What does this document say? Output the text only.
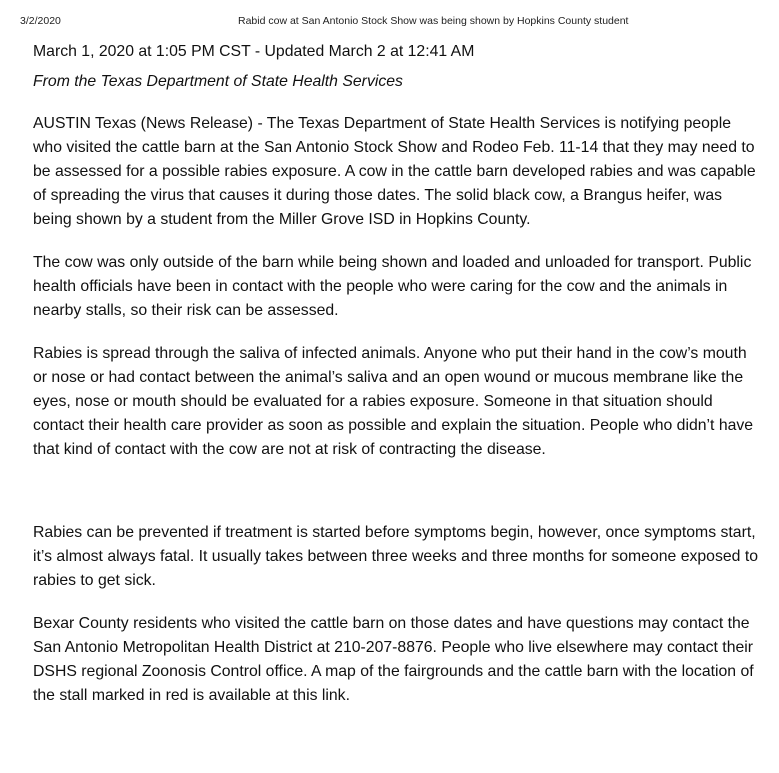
3/2/2020	Rabid cow at San Antonio Stock Show was being shown by Hopkins County student

March 1, 2020 at 1:05 PM CST - Updated March 2 at 12:41 AM

From the Texas Department of State Health Services

AUSTIN Texas (News Release) - The Texas Department of State Health Services is notifying people who visited the cattle barn at the San Antonio Stock Show and Rodeo Feb. 11-14 that they may need to be assessed for a possible rabies exposure. A cow in the cattle barn developed rabies and was capable of spreading the virus that causes it during those dates. The solid black cow, a Brangus heifer, was being shown by a student from the Miller Grove ISD in Hopkins County.

The cow was only outside of the barn while being shown and loaded and unloaded for transport. Public health officials have been in contact with the people who were caring for the cow and the animals in nearby stalls, so their risk can be assessed.

Rabies is spread through the saliva of infected animals. Anyone who put their hand in the cow’s mouth or nose or had contact between the animal’s saliva and an open wound or mucous membrane like the eyes, nose or mouth should be evaluated for a rabies exposure. Someone in that situation should contact their health care provider as soon as possible and explain the situation. People who didn’t have that kind of contact with the cow are not at risk of contracting the disease.

Rabies can be prevented if treatment is started before symptoms begin, however, once symptoms start, it’s almost always fatal. It usually takes between three weeks and three months for someone exposed to rabies to get sick.

Bexar County residents who visited the cattle barn on those dates and have questions may contact the San Antonio Metropolitan Health District at 210-207-8876. People who live elsewhere may contact their DSHS regional Zoonosis Control office. A map of the fairgrounds and the cattle barn with the location of the stall marked in red is available at this link.
